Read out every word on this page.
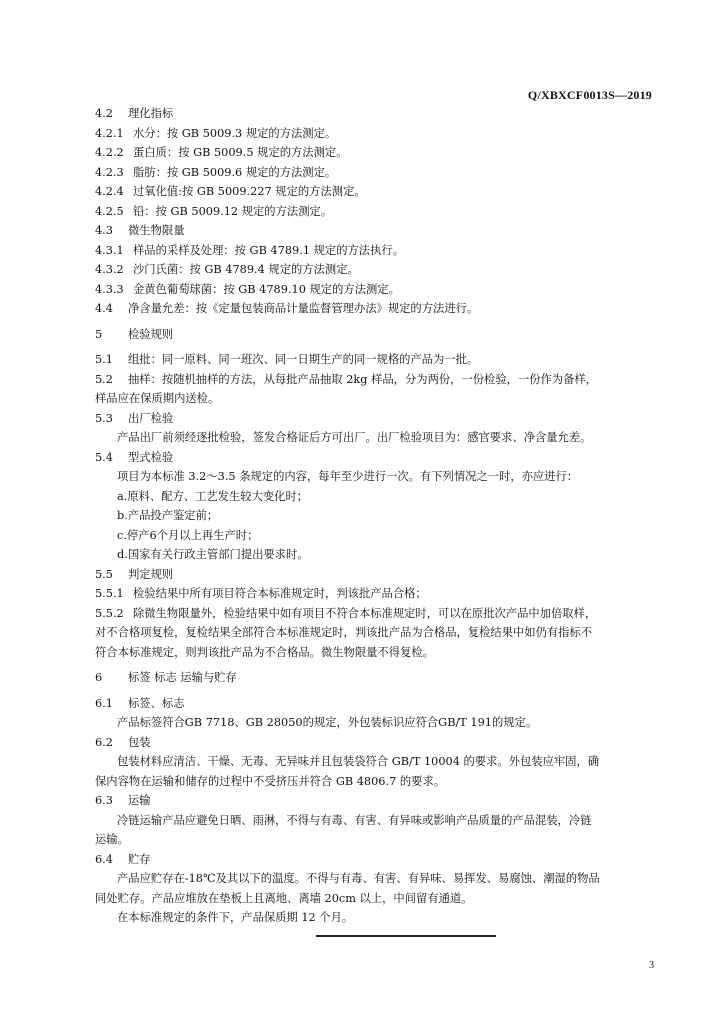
Q/XBXCF0013S—2019
4.2 理化指标
4.2.1 水分：按 GB 5009.3 规定的方法测定。
4.2.2 蛋白质：按 GB 5009.5 规定的方法测定。
4.2.3 脂肪：按 GB 5009.6 规定的方法测定。
4.2.4 过氧化值:按 GB 5009.227 规定的方法测定。
4.2.5 铅：按 GB 5009.12 规定的方法测定。
4.3 微生物限量
4.3.1 样品的采样及处理：按 GB 4789.1 规定的方法执行。
4.3.2 沙门氏菌：按 GB 4789.4 规定的方法测定。
4.3.3 金黄色葡萄球菌：按 GB 4789.10 规定的方法测定。
4.4 净含量允差：按《定量包装商品计量监督管理办法》规定的方法进行。
5 检验规则
5.1 组批：同一原料、同一班次、同一日期生产的同一规格的产品为一批。
5.2 抽样：按随机抽样的方法，从每批产品抽取 2kg 样品，分为两份，一份检验，一份作为备样，
样品应在保质期内送检。
5.3 出厂检验
产品出厂前须经逐批检验，签发合格证后方可出厂。出厂检验项目为：感官要求、净含量允差。
5.4 型式检验
项目为本标准 3.2～3.5 条规定的内容，每年至少进行一次。有下列情况之一时，亦应进行：
a.原料、配方、工艺发生较大变化时；
b.产品投产鉴定前；
c.停产6个月以上再生产时；
d.国家有关行政主管部门提出要求时。
5.5 判定规则
5.5.1 检验结果中所有项目符合本标准规定时，判该批产品合格；
5.5.2 除微生物限量外，检验结果中如有项目不符合本标准规定时，可以在原批次产品中加倍取样，
对不合格项复检，复检结果全部符合本标准规定时，判该批产品为合格品，复检结果中如仍有指标不
符合本标准规定，则判该批产品为不合格品。微生物限量不得复检。
6 标签 标志 运输与贮存
6.1 标签、标志
产品标签符合GB 7718、GB 28050的规定，外包装标识应符合GB/T 191的规定。
6.2 包装
包装材料应清洁、干燥、无毒、无异味并且包装袋符合 GB/T 10004 的要求。外包装应牢固，确
保内容物在运输和储存的过程中不受挤压并符合 GB 4806.7 的要求。
6.3 运输
冷链运输产品应避免日晒、雨淋，不得与有毒、有害、有异味或影响产品质量的产品混装，冷链
运输。
6.4 贮存
产品应贮存在-18℃及其以下的温度。不得与有毒、有害、有异味、易挥发、易腐蚀、潮湿的物品
同处贮存。产品应堆放在垫板上且离地、离墙 20cm 以上，中间留有通道。
在本标准规定的条件下，产品保质期 12 个月。
3
